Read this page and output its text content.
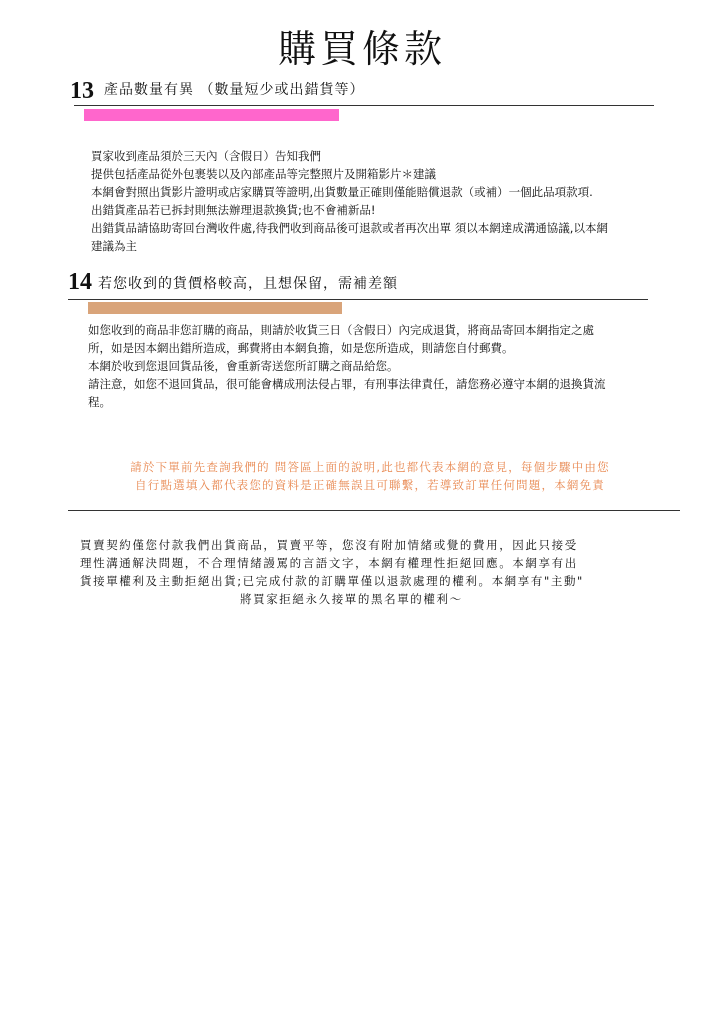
購買條款
13 產品數量有異 （數量短少或出錯貨等）
買家收到產品須於三天內（含假日）告知我們
提供包括產品從外包裹裝以及內部產品等完整照片及開箱影片＊建議
本網會對照出貨影片證明或店家購買等證明,出貨數量正確則僅能賠償退款（或補）一個此品項款項.
出錯貨產品若已拆封則無法辦理退款換貨;也不會補新品!
出錯貨品請協助寄回台灣收件處,待我們收到商品後可退款或者再次出單 須以本網達成溝通協議,以本網
建議為主
14 若您收到的貨價格較高，且想保留，需補差額
如您收到的商品非您訂購的商品，則請於收貨三日（含假日）內完成退貨，將商品寄回本網指定之處
所，如是因本網出錯所造成，郵費將由本網負擔，如是您所造成，則請您自付郵費。
本網於收到您退回貨品後，會重新寄送您所訂購之商品給您。
請注意，如您不退回貨品，很可能會構成刑法侵占罪，有刑事法律責任，請您務必遵守本網的退換貨流
程。
請於下單前先查詢我們的 問答區上面的說明,此也都代表本網的意見，每個步驟中由您
自行點選填入都代表您的資料是正確無誤且可聯繫，若導致訂單任何問題，本網免責
買賣契約僅您付款我們出貨商品，買賣平等，您沒有附加情緒或覺的費用，因此只接受
理性溝通解決問題，不合理情緒謾罵的言語文字，本網有權理性拒絕回應。本網享有出
貨接單權利及主動拒絕出貨;已完成付款的訂購單僅以退款處理的權利。本網享有"主動"
將買家拒絕永久接單的黑名單的權利～
